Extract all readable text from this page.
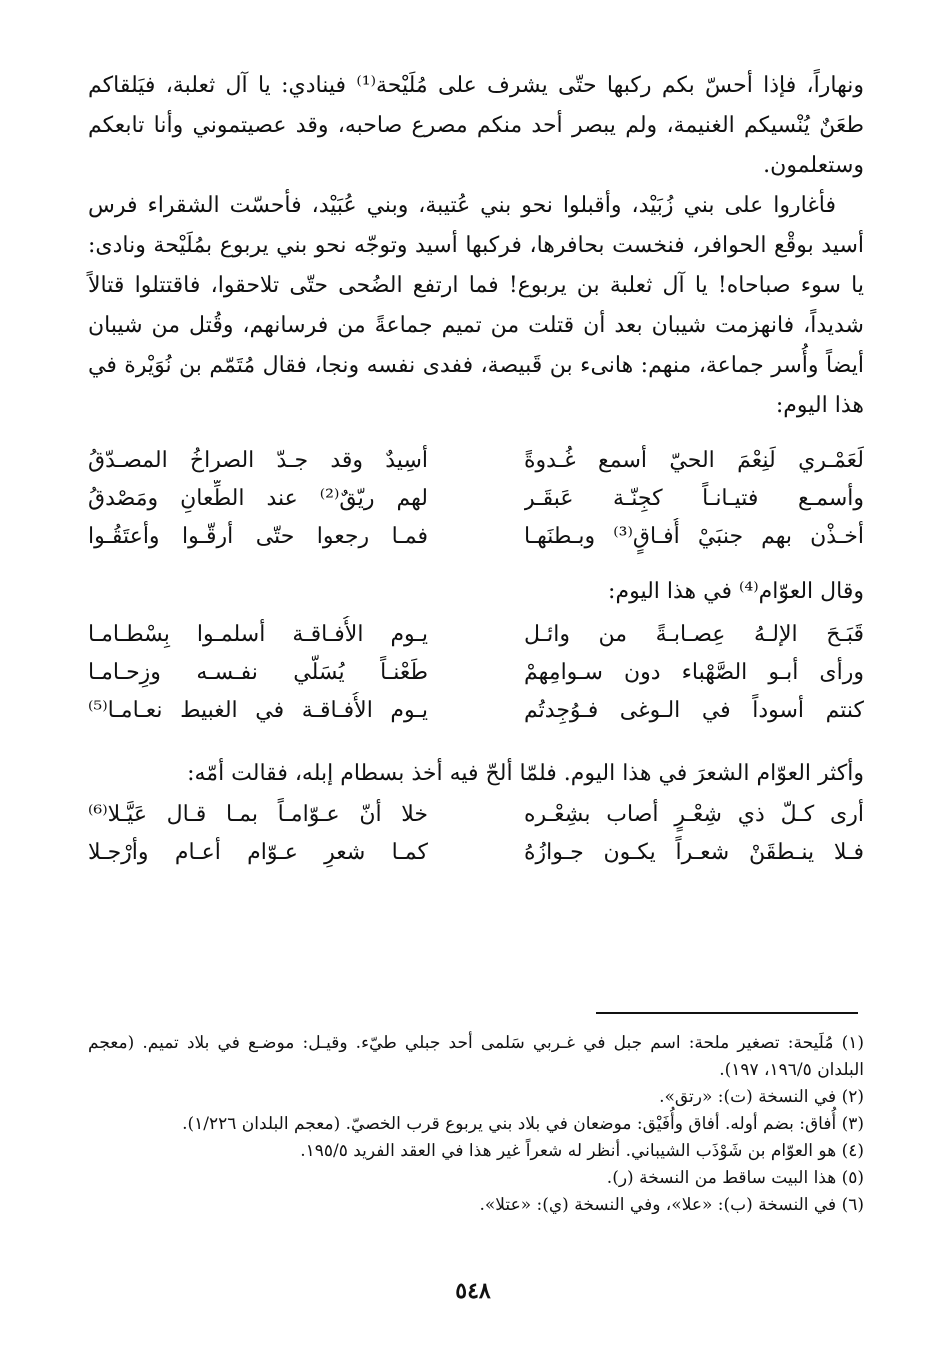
ونهاراً، فإذا أحسّ بكم ركبها حتّى يشرف على مُلَيْحة⁽¹⁾ فينادي: يا آل ثعلبة، فيَلقاكم طعَنٌ يُنْسيكم الغنيمة، ولم يبصر أحد منكم مصرع صاحبه، وقد عصيتموني وأنا تابعكم وستعلمون.

فأغاروا على بني زُبَيْد، وأقبلوا نحو بني عُتيبة، وبني عُبَيْد، فأحسّت الشقراء فرس أسيد بوقْع الحوافر، فنخست بحافرها، فركبها أسيد وتوجّه نحو بني يربوع بمُلَيْحة ونادى: يا سوء صباحاه! يا آل ثعلبة بن يربوع! فما ارتفع الضُحى حتّى تلاحقوا، فاقتتلوا قتالاً شديداً، فانهزمت شيبان بعد أن قتلت من تميم جماعةً من فرسانهم، وقُتل من شيبان أيضاً وأُسر جماعة، منهم: هانىء بن قَبيصة، ففدى نفسه ونجا، فقال مُتَمّم بن نُوَيْرة في هذا اليوم:

لَعَمْـري لَنِعْمَ الحيّ أسمع غُـدوةً
أسِيدٌ وقد جـدّ الصراخُ المصـدّقُ
وأسمـع فتيـانـاً كجِنّـة عَبقَـر
لهم ريّقٌ⁽²⁾ عند الطِّعانِ ومَصْدقُ
أخـذْن بهم جنبَيْ أُفـاقٍ⁽³⁾ وبـطنَهـا
فمـا رجعوا حتّى أرقّـوا وأعتَقُـوا

وقال العوّام⁽⁴⁾ في هذا اليوم:

قَبَـحَ الإلـهُ عِصـابـةً من وائـل
يـوم الأُفـاقـة أسلمـوا بِسْطـامـا
ورأى أبـو الصَّهْباء دون سـوامِهمْ
طَعْنـاً يُسَلّي نفـسـه وزِحـامـا
كنتم أسوداً في الـوغى فـوُجِدتُم
يـوم الأُفـاقـة في الغبيط نعـامـا⁽⁵⁾

وأكثر العوّام الشعرَ في هذا اليوم. فلمّا ألحّ فيه أخذ بسطام إبله، فقالت أمّه:

أرى كـلّ ذي شِعْـرٍ أصاب بشِعْـره
خلا أنّ عـوّامـاً بمـا قـال عَيَّـلا⁽⁶⁾
فـلا ينـطقَنْ شعـراً يكـون جـوازُهُ
كمـا شعرِ عـوّام أعـام وأرْجـلا

(١) مُلَيحة: تصغير ملحة: اسم جبل في غـربي سَلمى أحد جبلي طيّء. وقيـل: موضـع في بلاد تميم. (معجم البلدان ١٩٦/٥، ١٩٧).

(٢) في النسخة (ت): «رتق».

(٣) أُفاق: بضم أوله. أفاق وأُفَيْق: موضعان في بلاد بني يربوع قرب الخصيّ. (معجم البلدان ١/٢٢٦).

(٤) هو العوّام بن شَوْذَب الشيباني. أنظر له شعراً غير هذا في العقد الفريد ١٩٥/٥.

(٥) هذا البيت ساقط من النسخة (ر).

(٦) في النسخة (ب): «علا»، وفي النسخة (ي): «عتلا».

٥٤٨
